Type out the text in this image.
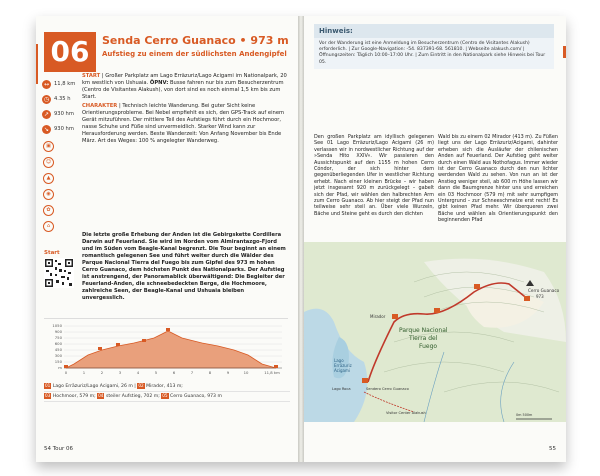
06	Senda Cerro Guanaco • 973 m
Aufstieg zu einem der südlichsten Andengipfel
↔ 11,8 km
◷ 4.35 h
↗ 930 hm
↘ 930 hm
▣
☺
▲
◉
✿
⌂
START | Großer Parkplatz am Lago Erräzuriz/Lago Acigami im Nationalpark, 20 km westlich von Ushuaia. ÖPNV: Busse fahren nur bis zum Besucherzentrum (Centro de Visitantes Alakush), von dort sind es noch einmal 1,5 km bis zum Start.
CHARAKTER | Technisch leichte Wanderung. Bei guter Sicht keine Orientierungsprobleme. Bei Nebel empfiehlt es sich, den GPS-Track auf einem Gerät mitzuführen. Der mittlere Teil des Aufstiegs führt durch ein Hochmoor, nasse Schuhe und Füße sind unvermeidlich. Starker Wind kann zur Herausforderung werden. Beste Wanderzeit: Von Anfang November bis Ende März. Art des Weges: 100 % angelegter Wanderweg.
Die letzte große Erhebung der Anden ist die Gebirgskette Cordillera Darwin auf Feuerland. Sie wird im Norden vom Almirantazgo-Fjord und im Süden vom Beagle-Kanal begrenzt. Die Tour beginnt an einem romantisch gelegenen See und führt weiter durch die Wälder des Parque Nacional Tierra del Fuego bis zum Gipfel des 973 m hohen Cerro Guanaco, dem höchsten Punkt des Nationalparks. Der Aufstieg ist anstrengend, der Panoramablick überwältigend: Die Begleiter der Feuerland-Anden, die schneebedeckten Berge, die Hochmoore, zahlreiche Seen, der Beagle-Kanal und Ushuaia bleiben unvergesslich.
Start
1050
900
750
600
450
300
150
m
0	1	2	3	4	5	6	7	8	9	10	11,8 km
01 Lago Erräzuriz/Lago Acigami, 26 m | 02 Mirador, 413 m;
03 Hochmoor, 579 m; 04 steiler Aufstieg, 702 m; 05 Cerro Guanaco, 973 m
54 Tour 06
Hinweis:
Vor der Wanderung ist eine Anmeldung im Besucherzentrum (Centro de Visitantes Alakush) erforderlich. | Zur Google-Navigation: -54. 837391-68. 561810. | Webseite alakush.com/ | Öffnungszeiten: Täglich 10:00–17:00 Uhr. | Zum Eintritt in den Nationalpark siehe Hinweis bei Tour 05.
Den großen Parkplatz am idyllisch gelegenen See 01 Lago Erräzuriz/Lago Acigami (26 m) verlassen wir in nordwestlicher Richtung auf der »Senda Hito XXIV«. Wir passieren den Aussichtspunkt auf den 1155 m hohen Cerro Cóndor, der sich hinter dem gegenüberliegenden Ufer in westlicher Richtung erhebt. Nach einer kleinen Brücke – wir haben jetzt insgesamt 920 m zurückgelegt – gabelt sich der Pfad, wir wählen den halbrechten Arm zum Cerro Guanaco. Ab hier steigt der Pfad nun teilweise sehr steil an. Über viele Wurzeln, Bäche und Steine geht es durch den dichten
Wald bis zu einem 02 Mirador (413 m). Zu Füßen liegt uns der Lago Erräzuriz/Acigami, dahinter erheben sich die Ausläufer der chilenischen Anden auf Feuerland. Der Aufstieg geht weiter durch einen Wald aus Nothofagus. Immer wieder ist der Cerro Guanaco durch den nun lichter werdenden Wald zu sehen. Von nun an ist der Anstieg weniger steil, ab 600 m Höhe lassen wir dann die Baumgrenze hinter uns und erreichen ein 03 Hochmoor (579 m) mit sehr sumpfigem Untergrund – zur Schneeschmelze erst recht! Es gibt keinen Pfad mehr. Wir überqueren zwei Bäche und wählen als Orientierungspunkt den beginnenden Pfad
Parque Nacional
Tierra del
Fuego
Cerro Guanaco
973
Mirador
Lago
Erräzuriz
Acigami
Sendero Cerro Guanaco
Visitor Center Alakush
Lago Roca
0m 500m
55
